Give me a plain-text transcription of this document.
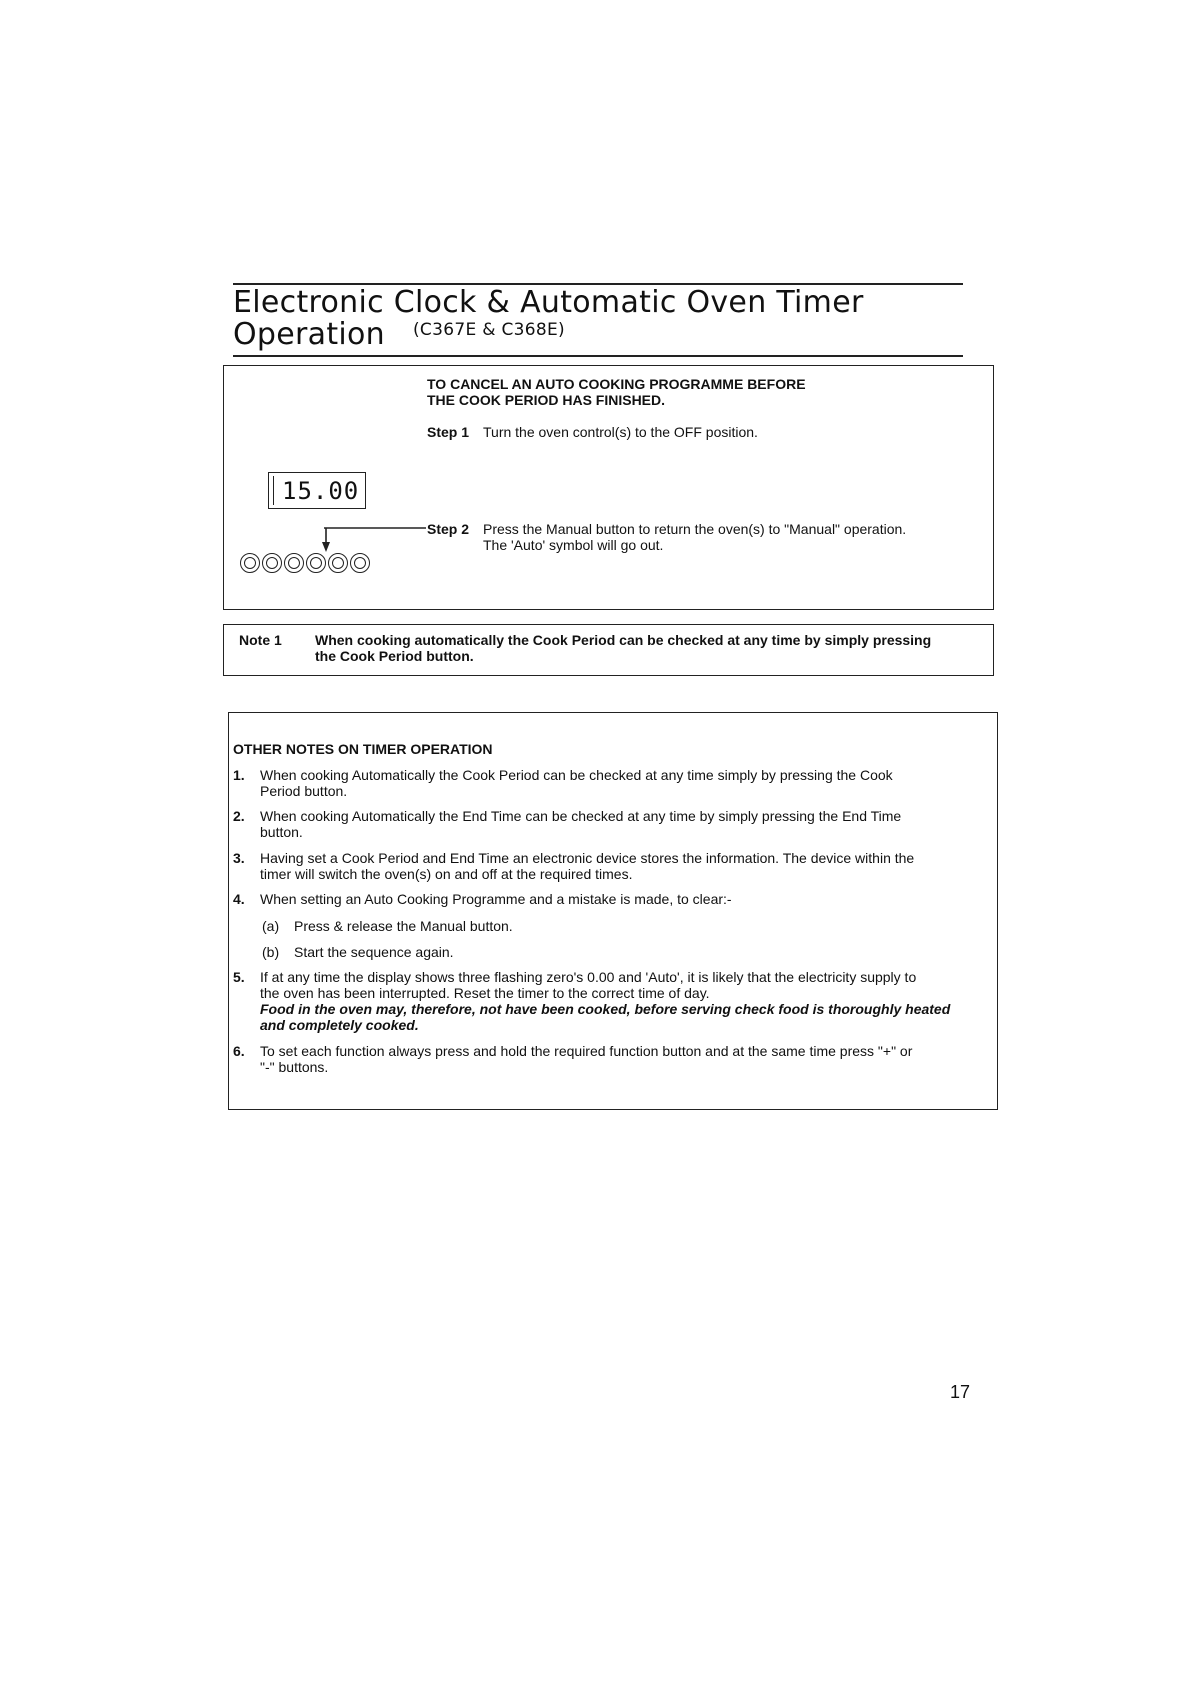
Electronic Clock & Automatic Oven Timer
Operation (C367E & C368E)
TO CANCEL AN AUTO COOKING PROGRAMME BEFORE
THE COOK PERIOD HAS FINISHED.
Step 1 Turn the oven control(s) to the OFF position.
15.00
Step 2 Press the Manual button to return the oven(s) to "Manual" operation.
The 'Auto' symbol will go out.
Note 1 When cooking automatically the Cook Period can be checked at any time by simply pressing
the Cook Period button.
OTHER NOTES ON TIMER OPERATION
1. When cooking Automatically the Cook Period can be checked at any time simply by pressing the Cook
Period button.
2. When cooking Automatically the End Time can be checked at any time by simply pressing the End Time
button.
3. Having set a Cook Period and End Time an electronic device stores the information. The device within the
timer will switch the oven(s) on and off at the required times.
4. When setting an Auto Cooking Programme and a mistake is made, to clear:-
(a) Press & release the Manual button.
(b) Start the sequence again.
5. If at any time the display shows three flashing zero's 0.00 and 'Auto', it is likely that the electricity supply to
the oven has been interrupted. Reset the timer to the correct time of day.
Food in the oven may, therefore, not have been cooked, before serving check food is thoroughly heated
and completely cooked.
6. To set each function always press and hold the required function button and at the same time press "+" or
"-" buttons.
17
